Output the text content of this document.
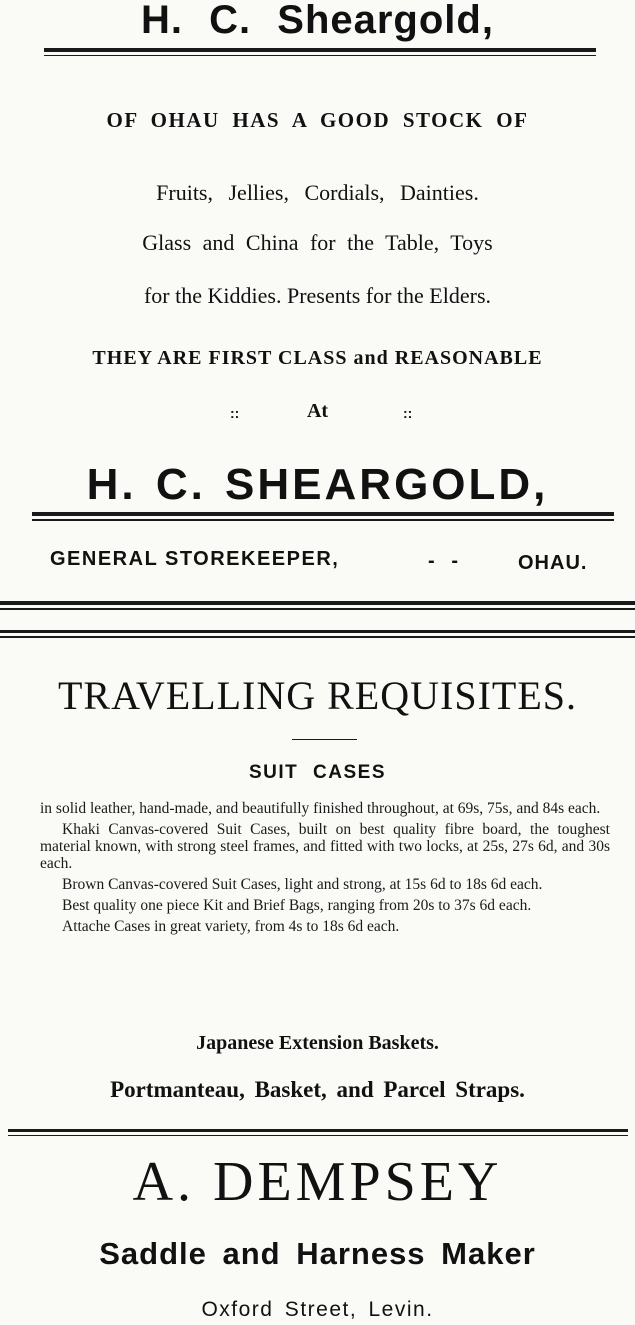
H. C. Sheargold,
OF OHAU HAS A GOOD STOCK OF
Fruits, Jellies, Cordials, Dainties.
Glass and China for the Table, Toys
for the Kiddies. Presents for the Elders.
THEY ARE FIRST CLASS and REASONABLE
::	At	::
H. C. SHEARGOLD,
GENERAL STOREKEEPER,	-   -	OHAU.
TRAVELLING REQUISITES.
SUIT CASES
in solid leather, hand-made, and beautifully finished throughout, at 69s, 75s, and 84s each.
Khaki Canvas-covered Suit Cases, built on best quality fibre board, the toughest material known, with strong steel frames, and fitted with two locks, at 25s, 27s 6d, and 30s each.
Brown Canvas-covered Suit Cases, light and strong, at 15s 6d to 18s 6d each.
Best quality one piece Kit and Brief Bags, ranging from 20s to 37s 6d each.
Attache Cases in great variety, from 4s to 18s 6d each.
Japanese Extension Baskets.
Portmanteau, Basket, and Parcel Straps.
A. DEMPSEY
Saddle and Harness Maker
Oxford Street, Levin.
